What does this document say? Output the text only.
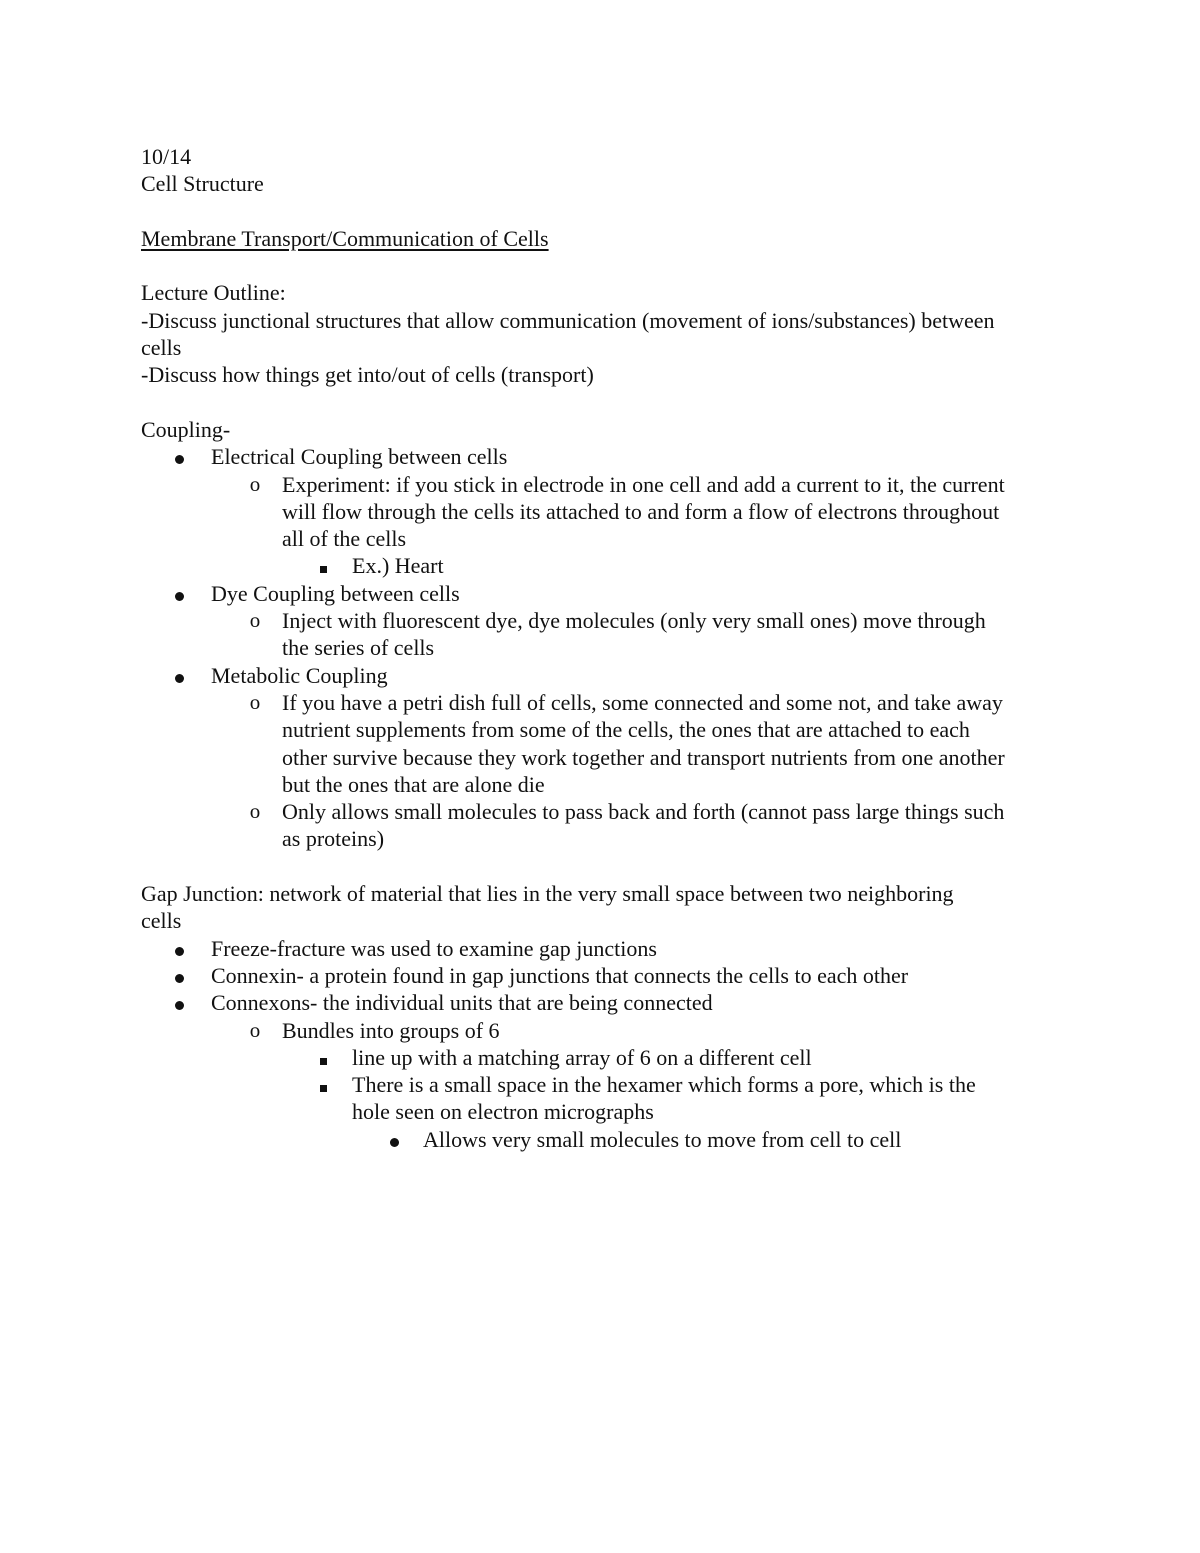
10/14
Cell Structure
Membrane Transport/Communication of Cells
Lecture Outline:
-Discuss junctional structures that allow communication (movement of ions/substances) between
cells
-Discuss how things get into/out of cells (transport)
Coupling-
Electrical Coupling between cells
o Experiment: if you stick in electrode in one cell and add a current to it, the current
will flow through the cells its attached to and form a flow of electrons throughout
all of the cells
Ex.) Heart
Dye Coupling between cells
o Inject with fluorescent dye, dye molecules (only very small ones) move through
the series of cells
Metabolic Coupling
o If you have a petri dish full of cells, some connected and some not, and take away
nutrient supplements from some of the cells, the ones that are attached to each
other survive because they work together and transport nutrients from one another
but the ones that are alone die
o Only allows small molecules to pass back and forth (cannot pass large things such
as proteins)
Gap Junction: network of material that lies in the very small space between two neighboring
cells
Freeze-fracture was used to examine gap junctions
Connexin- a protein found in gap junctions that connects the cells to each other
Connexons- the individual units that are being connected
o Bundles into groups of 6
line up with a matching array of 6 on a different cell
There is a small space in the hexamer which forms a pore, which is the
hole seen on electron micrographs
Allows very small molecules to move from cell to cell
